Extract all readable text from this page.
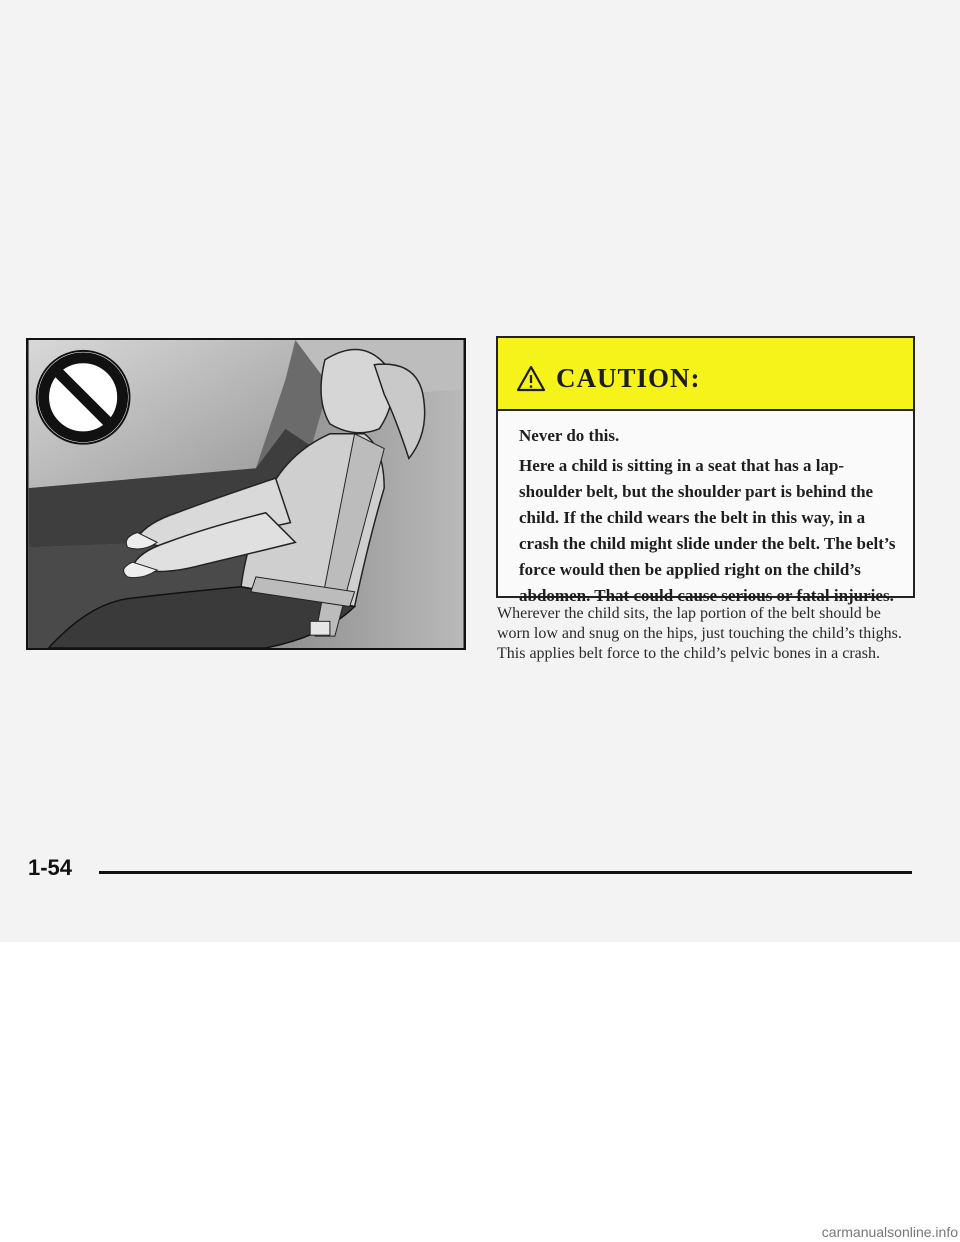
CAUTION:

Never do this.

Here a child is sitting in a seat that has a lap-shoulder belt, but the shoulder part is behind the child. If the child wears the belt in this way, in a crash the child might slide under the belt. The belt’s force would then be applied right on the child’s abdomen. That could cause serious or fatal injuries.

Wherever the child sits, the lap portion of the belt should be worn low and snug on the hips, just touching the child’s thighs. This applies belt force to the child’s pelvic bones in a crash.
1-54
carmanualsonline.info
